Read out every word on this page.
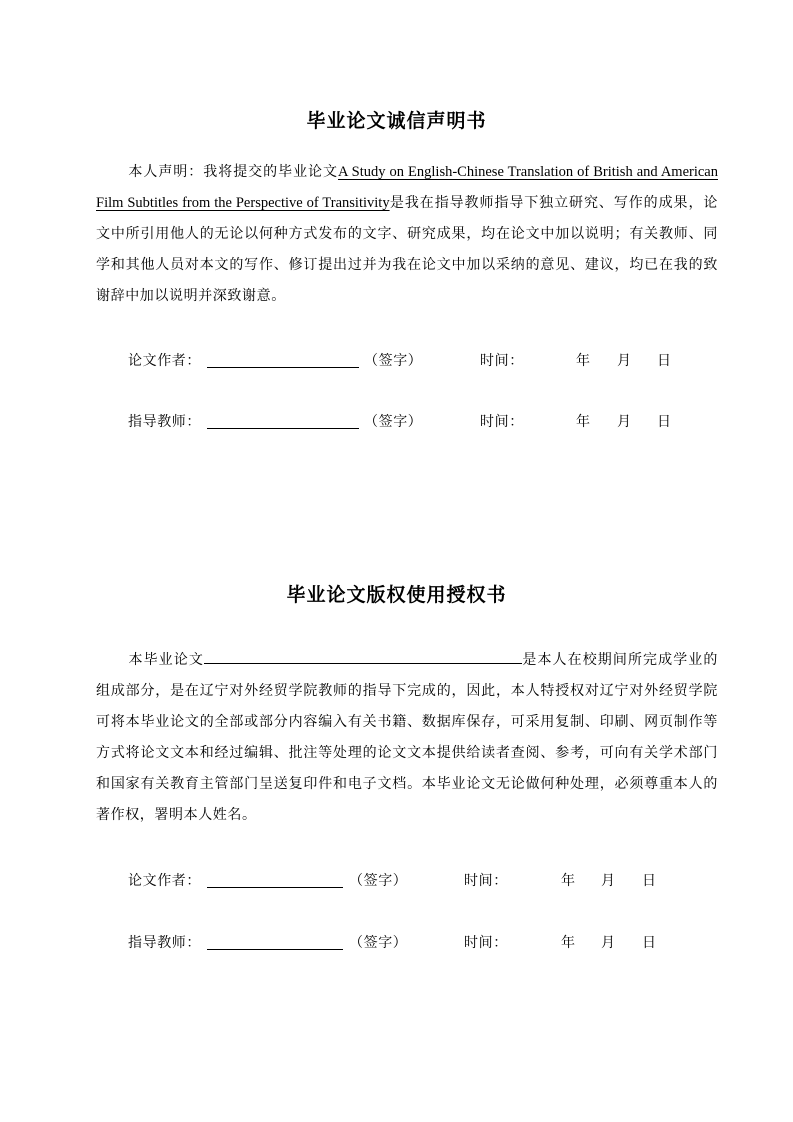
毕业论文诚信声明书
本人声明：我将提交的毕业论文A Study on English-Chinese Translation of British and American Film Subtitles from the Perspective of Transitivity是我在指导教师指导下独立研究、写作的成果，论文中所引用他人的无论以何种方式发布的文字、研究成果，均在论文中加以说明；有关教师、同学和其他人员对本文的写作、修订提出过并为我在论文中加以采纳的意见、建议，均已在我的致谢辞中加以说明并深致谢意。
论文作者：	（签字）	时间：	年 月 日
指导教师：	（签字）	时间：	年 月 日
毕业论文版权使用授权书
本毕业论文	是本人在校期间所完成学业的组成部分，是在辽宁对外经贸学院教师的指导下完成的，因此，本人特授权对辽宁对外经贸学院可将本毕业论文的全部或部分内容编入有关书籍、数据库保存，可采用复制、印刷、网页制作等方式将论文文本和经过编辑、批注等处理的论文文本提供给读者查阅、参考，可向有关学术部门和国家有关教育主管部门呈送复印件和电子文档。本毕业论文无论做何种处理，必须尊重本人的著作权，署明本人姓名。
论文作者：	（签字）	时间：	年 月 日
指导教师：	（签字）	时间：	年 月 日
